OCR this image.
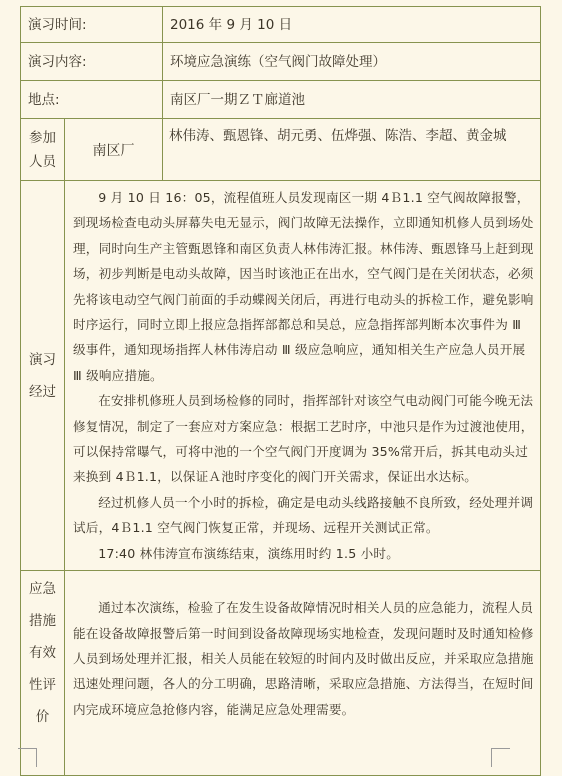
演习时间:		2016 年 9 月 10 日
演习内容:		环境应急演练（空气阀门故障处理）
地点:		南区厂一期ＺＴ廊道池
参加人员	南区厂	林伟涛、甄恩锋、胡元勇、伍烨强、陈浩、李超、黄金城
演习经过	9 月 10 日 16：05，流程值班人员发现南区一期 4Ｂ1.1 空气阀故障报警，到现场检查电动头屏幕失电无显示，阀门故障无法操作，立即通知机修人员到场处理，同时向生产主管甄恩锋和南区负责人林伟涛汇报。林伟涛、甄恩锋马上赶到现场，初步判断是电动头故障，因当时该池正在出水，空气阀门是在关闭状态，必须先将该电动空气阀门前面的手动蝶阀关闭后，再进行电动头的拆检工作，避免影响时序运行，同时立即上报应急指挥部都总和吴总，应急指挥部判断本次事件为 Ⅲ 级事件，通知现场指挥人林伟涛启动 Ⅲ 级应急响应，通知相关生产应急人员开展 Ⅲ 级响应措施。

在安排机修班人员到场检修的同时，指挥部针对该空气电动阀门可能今晚无法修复情况，制定了一套应对方案应急：根据工艺时序，中池只是作为过渡池使用，可以保持常曝气，可将中池的一个空气阀门开度调为 35%常开后，拆其电动头过来换到 4Ｂ1.1，以保证Ａ池时序变化的阀门开关需求，保证出水达标。

经过机修人员一个小时的拆检，确定是电动头线路接触不良所致，经处理并调试后，4Ｂ1.1 空气阀门恢复正常，并现场、远程开关测试正常。

17:40 林伟涛宣布演练结束，演练用时约 1.5 小时。	

应急措施有效性评价	通过本次演练，检验了在发生设备故障情况时相关人员的应急能力，流程人员能在设备故障报警后第一时间到设备故障现场实地检查，发现问题时及时通知检修人员到场处理并汇报，相关人员能在较短的时间内及时做出反应，并采取应急措施迅速处理问题，各人的分工明确，思路清晰，采取应急措施、方法得当，在短时间内完成环境应急抢修内容，能满足应急处理需要。	
